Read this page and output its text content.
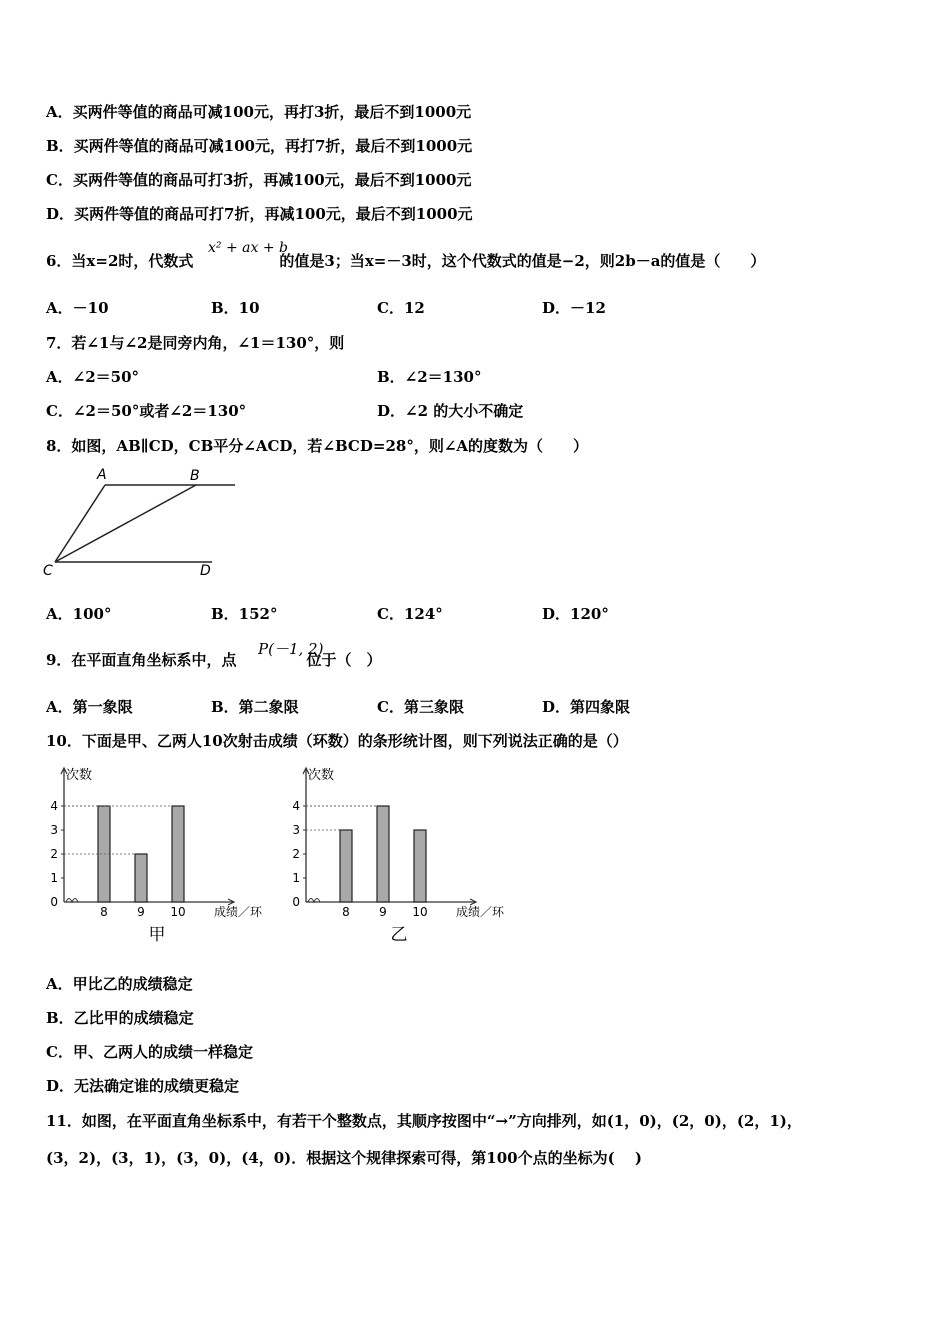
A．买两件等值的商品可减100元，再打3折，最后不到1000元
B．买两件等值的商品可减100元，再打7折，最后不到1000元
C．买两件等值的商品可打3折，再减100元，最后不到1000元
D．买两件等值的商品可打7折，再减100元，最后不到1000元
6．当x=2时，代数式	的值是3；当x=－3时，这个代数式的值是−2，则2b－a的值是（　　）
x² + ax + b
A．－10	B．10	C．12	D．－12
7．若∠1与∠2是同旁内角，∠1＝130°，则
A．∠2＝50°	B．∠2＝130°
C．∠2＝50°或者∠2＝130°	D．∠2 的大小不确定
8．如图，AB∥CD，CB平分∠ACD，若∠BCD=28°，则∠A的度数为（　　）
A	B
C	D
A．100°	B．152°	C．124°	D．120°
9．在平面直角坐标系中，点	位于（　）
P(－1, 2)
A．第一象限	B．第二象限	C．第三象限	D．第四象限
10．下面是甲、乙两人10次射击成绩（环数）的条形统计图，则下列说法正确的是（）
次数
0
1
2
3
4
8 9 10 成绩／环
甲
次数
0
1
2
3
4
8 9 10 成绩／环
乙
A．甲比乙的成绩稳定
B．乙比甲的成绩稳定
C．甲、乙两人的成绩一样稳定
D．无法确定谁的成绩更稳定
11．如图，在平面直角坐标系中，有若干个整数点，其顺序按图中“→”方向排列，如(1，0)，(2，0)，(2，1)，
(3，2)，(3，1)，(3，0)，(4，0)．根据这个规律探索可得，第100个点的坐标为(　 )
